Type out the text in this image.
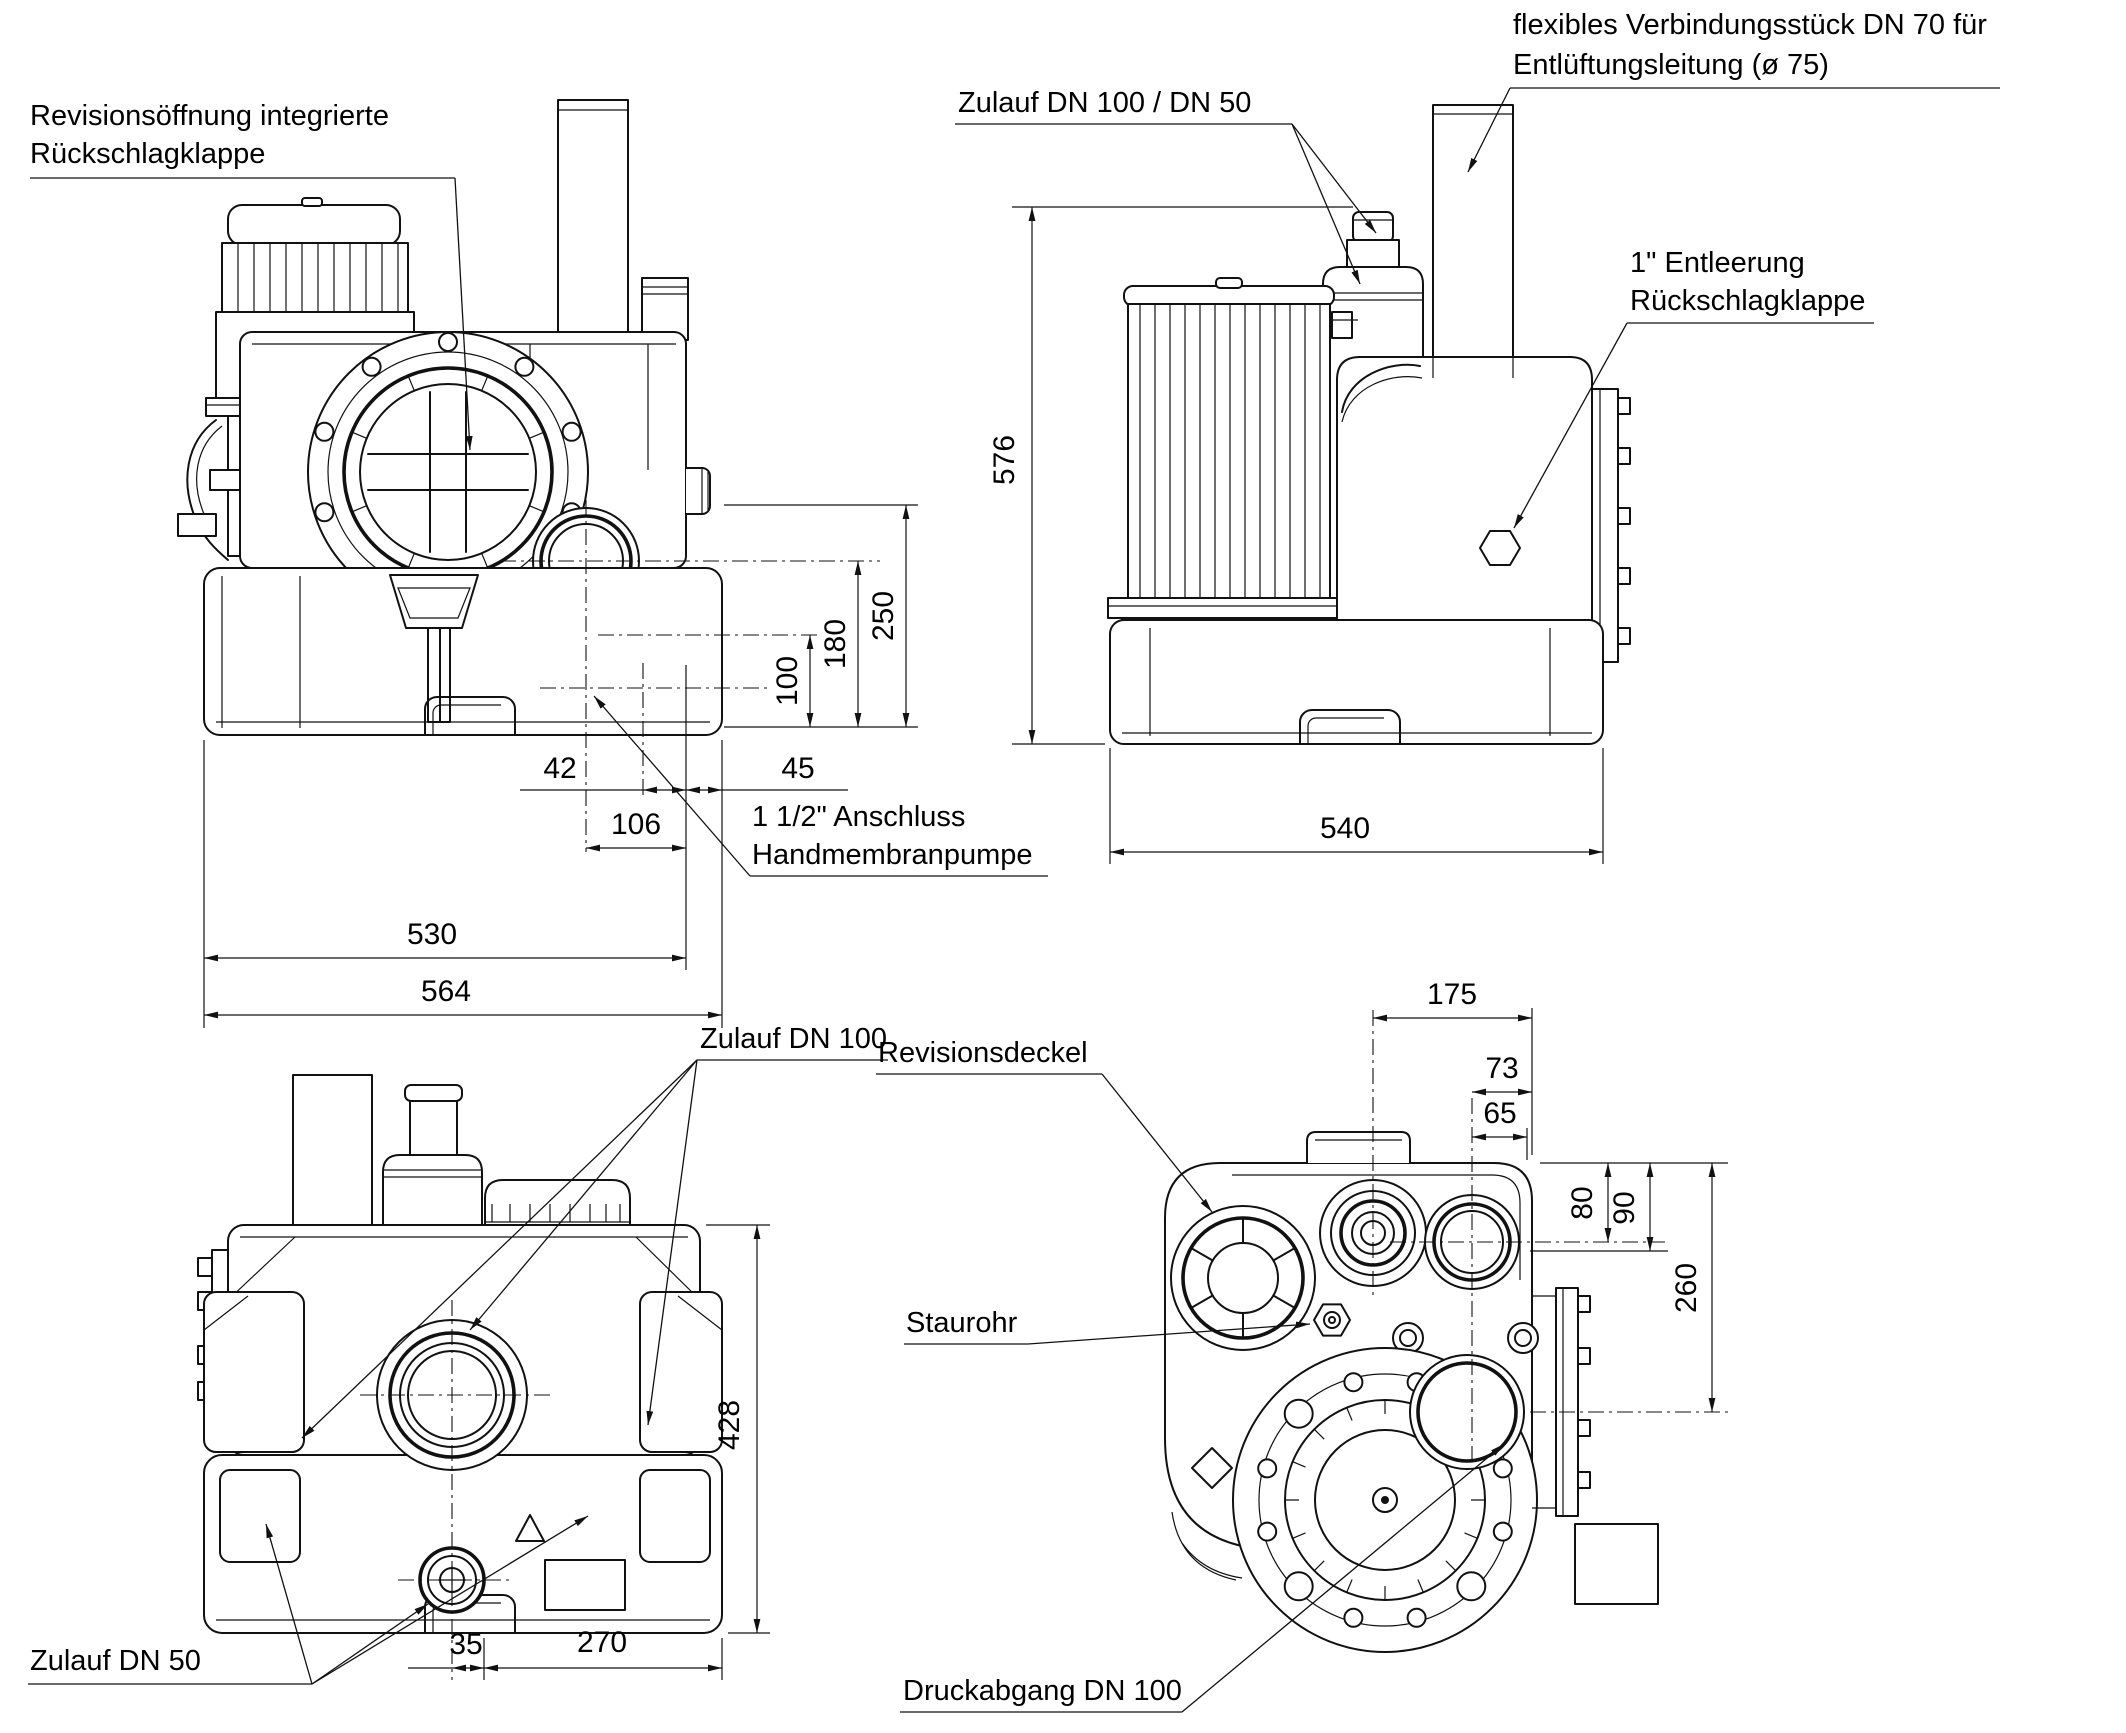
100
180
250
42	45
106
530
564
Revisionsöffnung integrierte
Rückschlagklappe
1 1/2" Anschluss
Handmembranpumpe
576
540
Zulauf DN 100 / DN 50
flexibles Verbindungsstück DN 70 für
Entlüftungsleitung (ø 75)
1" Entleerung
Rückschlagklappe
Zulauf DN 100
Zulauf DN 50
428
35	270
175
73
65
80 90
260
Revisionsdeckel
Staurohr
Druckabgang DN 100
